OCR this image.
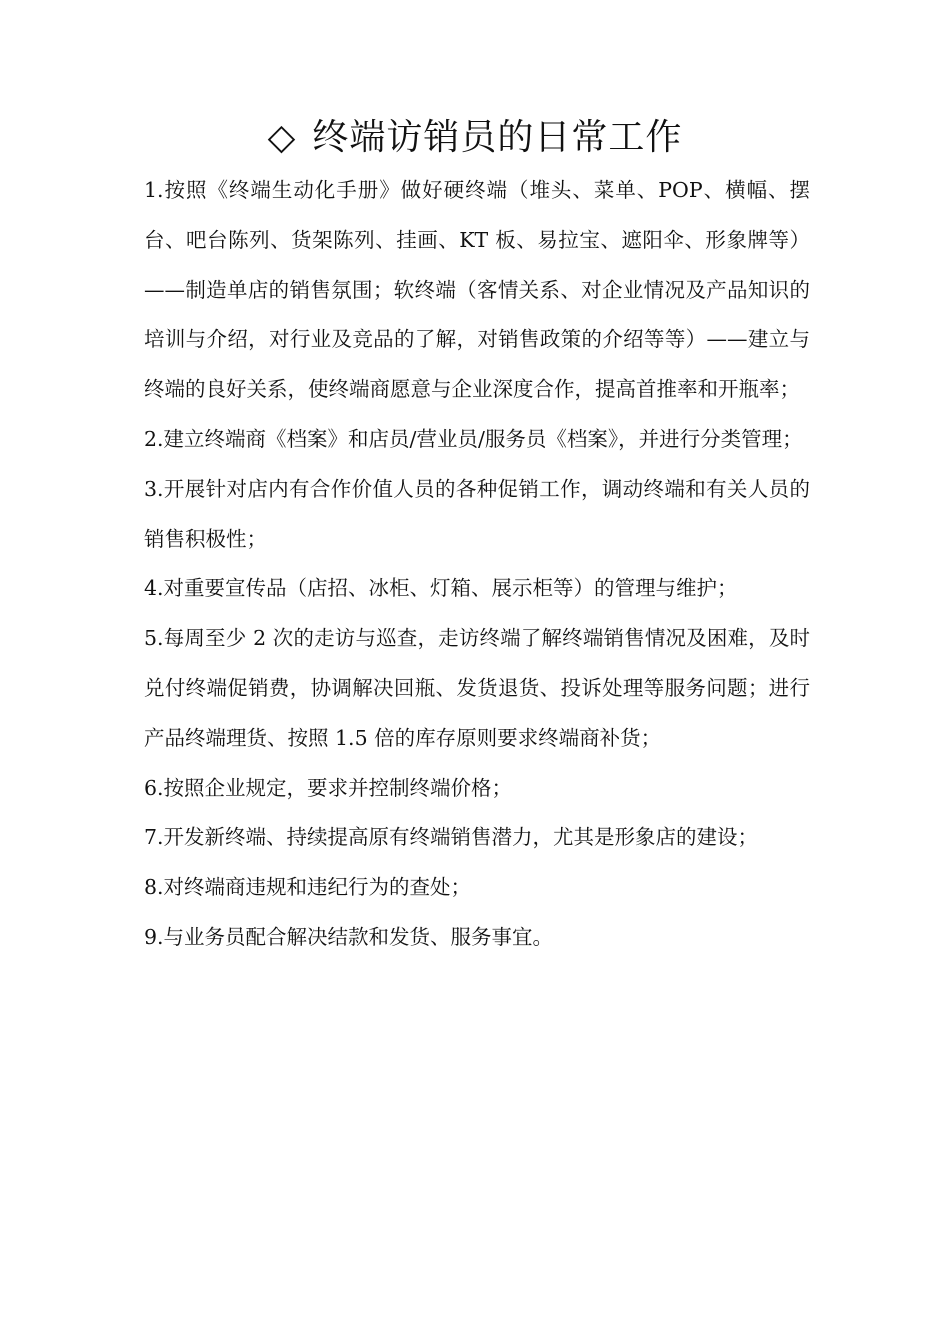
◇ 终端访销员的日常工作

1.按照《终端生动化手册》做好硬终端（堆头、菜单、POP、横幅、摆台、吧台陈列、货架陈列、挂画、KT 板、易拉宝、遮阳伞、形象牌等）——制造单店的销售氛围；软终端（客情关系、对企业情况及产品知识的培训与介绍，对行业及竞品的了解，对销售政策的介绍等等）——建立与终端的良好关系，使终端商愿意与企业深度合作，提高首推率和开瓶率；

2.建立终端商《档案》和店员/营业员/服务员《档案》，并进行分类管理；

3.开展针对店内有合作价值人员的各种促销工作，调动终端和有关人员的销售积极性；

4.对重要宣传品（店招、冰柜、灯箱、展示柜等）的管理与维护；

5.每周至少 2 次的走访与巡查，走访终端了解终端销售情况及困难，及时兑付终端促销费，协调解决回瓶、发货退货、投诉处理等服务问题；进行产品终端理货、按照 1.5 倍的库存原则要求终端商补货；

6.按照企业规定，要求并控制终端价格；

7.开发新终端、持续提高原有终端销售潜力，尤其是形象店的建设；

8.对终端商违规和违纪行为的查处；

9.与业务员配合解决结款和发货、服务事宜。
